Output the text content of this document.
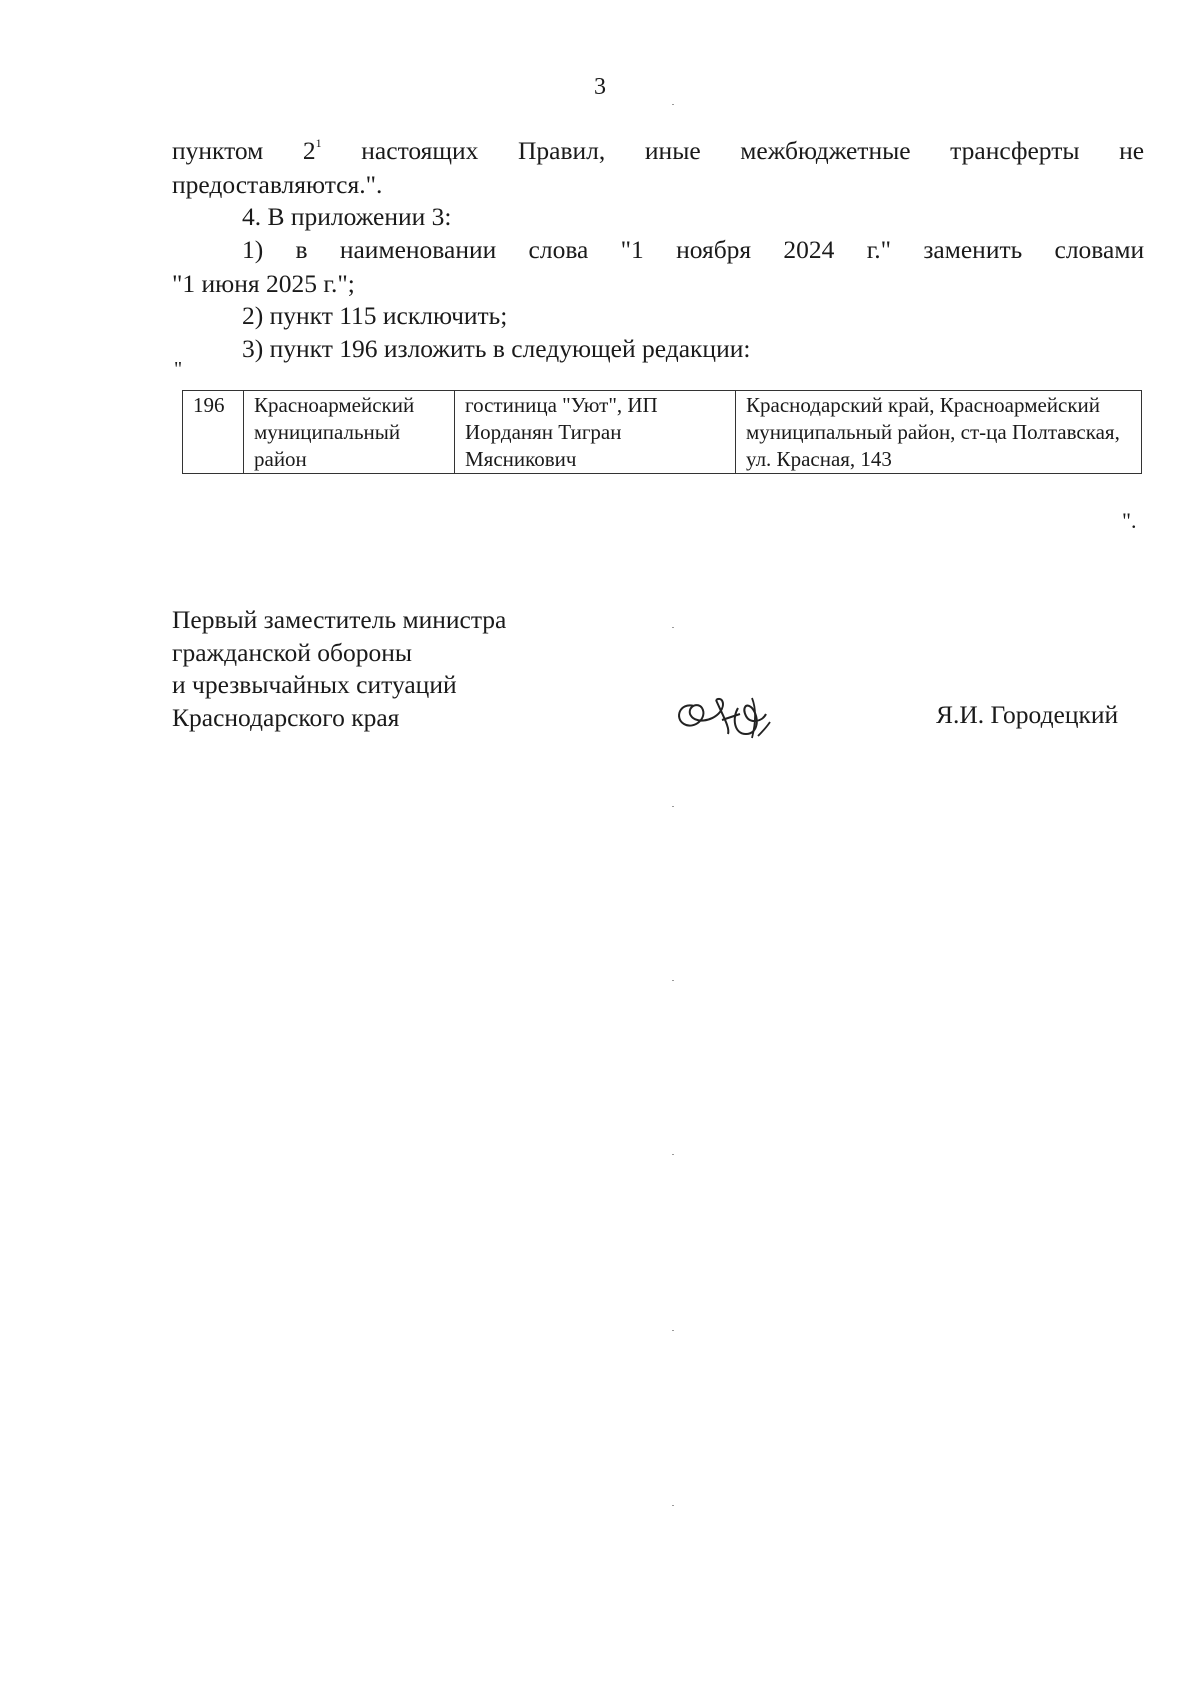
3
пунктом $2^1$ настоящих Правил, иные межбюджетные трансферты не
предоставляются.".
4. В приложении 3:
1) в наименовании слова "1 ноября 2024 г." заменить словами
"1 июня 2025 г.";
2) пункт 115 исключить;
3) пункт 196 изложить в следующей редакции:
"
196	Красноармейский муниципальный район	гостиница "Уют", ИП Иорданян Тигран Мясникович	Краснодарский край, Красноармейский муниципальный район, ст-ца Полтавская, ул. Красная, 143
".
Первый заместитель министра
гражданской обороны
и чрезвычайных ситуаций
Краснодарского края	Я.И. Городецкий
